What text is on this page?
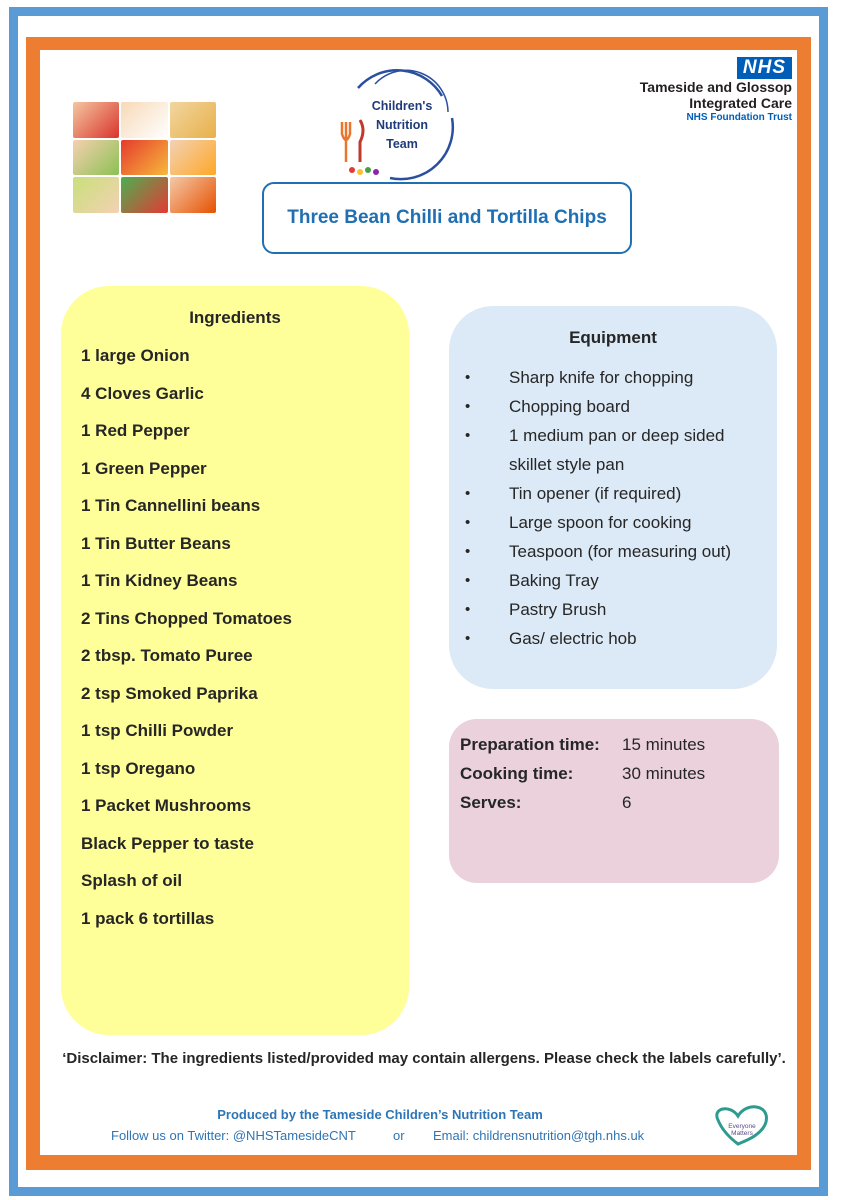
Children's
Nutrition
Team
NHS
Tameside and Glossop
Integrated Care
NHS Foundation Trust
Three Bean Chilli and Tortilla Chips
Ingredients
1 large Onion
4 Cloves Garlic
1 Red Pepper
1 Green Pepper
1 Tin Cannellini beans
1 Tin Butter Beans
1 Tin Kidney Beans
2 Tins Chopped Tomatoes
2 tbsp. Tomato Puree
2 tsp Smoked Paprika
1 tsp Chilli Powder
1 tsp Oregano
1 Packet Mushrooms
Black Pepper to taste
Splash of oil
1 pack 6 tortillas
Equipment
• Sharp knife for chopping
• Chopping board
• 1 medium pan or deep sided skillet style pan
• Tin opener (if required)
• Large spoon for cooking
• Teaspoon (for measuring out)
• Baking Tray
• Pastry Brush
• Gas/ electric hob
Preparation time: 15 minutes
Cooking time:	30 minutes
Serves:	6
‘Disclaimer: The ingredients listed/provided may contain allergens. Please check the labels carefully’.
Produced by the Tameside Children’s Nutrition Team
Follow us on Twitter: @NHSTamesideCNT	or Email: childrensnutrition@tgh.nhs.uk
Everyone
Matters
